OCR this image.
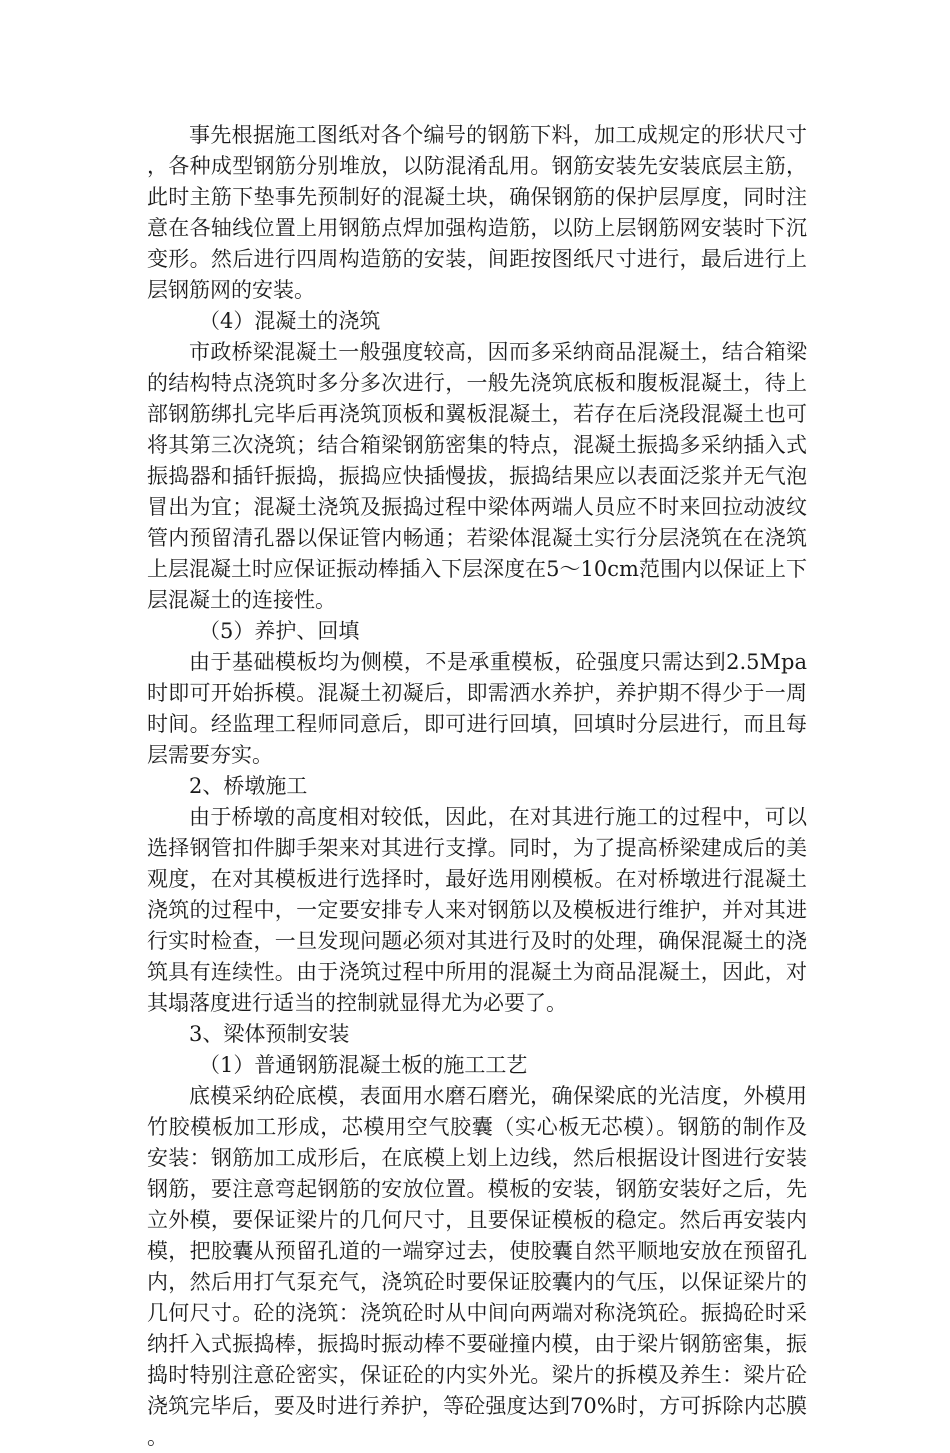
事先根据施工图纸对各个编号的钢筋下料，加工成规定的形状尺寸，各种成型钢筋分别堆放，以防混淆乱用。钢筋安装先安装底层主筋，此时主筋下垫事先预制好的混凝土块，确保钢筋的保护层厚度，同时注意在各轴线位置上用钢筋点焊加强构造筋，以防上层钢筋网安装时下沉变形。然后进行四周构造筋的安装，间距按图纸尺寸进行，最后进行上层钢筋网的安装。

（4）混凝土的浇筑

市政桥梁混凝土一般强度较高，因而多采纳商品混凝土，结合箱梁的结构特点浇筑时多分多次进行，一般先浇筑底板和腹板混凝土，待上部钢筋绑扎完毕后再浇筑顶板和翼板混凝土，若存在后浇段混凝土也可将其第三次浇筑；结合箱梁钢筋密集的特点，混凝土振捣多采纳插入式振捣器和插钎振捣，振捣应快插慢拔，振捣结果应以表面泛浆并无气泡冒出为宜；混凝土浇筑及振捣过程中梁体两端人员应不时来回拉动波纹管内预留清孔器以保证管内畅通；若梁体混凝土实行分层浇筑在在浇筑上层混凝土时应保证振动棒插入下层深度在5～10cm范围内以保证上下层混凝土的连接性。

（5）养护、回填

由于基础模板均为侧模，不是承重模板，砼强度只需达到2.5Mpa时即可开始拆模。混凝土初凝后，即需洒水养护，养护期不得少于一周时间。经监理工程师同意后，即可进行回填，回填时分层进行，而且每层需要夯实。

2、桥墩施工

由于桥墩的高度相对较低，因此，在对其进行施工的过程中，可以选择钢管扣件脚手架来对其进行支撑。同时，为了提高桥梁建成后的美观度，在对其模板进行选择时，最好选用刚模板。在对桥墩进行混凝土浇筑的过程中，一定要安排专人来对钢筋以及模板进行维护，并对其进行实时检查，一旦发现问题必须对其进行及时的处理，确保混凝土的浇筑具有连续性。由于浇筑过程中所用的混凝土为商品混凝土，因此，对其塌落度进行适当的控制就显得尤为必要了。

3、梁体预制安装

（1）普通钢筋混凝土板的施工工艺

底模采纳砼底模，表面用水磨石磨光，确保梁底的光洁度，外模用竹胶模板加工形成，芯模用空气胶囊（实心板无芯模）。钢筋的制作及安装：钢筋加工成形后，在底模上划上边线，然后根据设计图进行安装钢筋，要注意弯起钢筋的安放位置。模板的安装，钢筋安装好之后，先立外模，要保证梁片的几何尺寸，且要保证模板的稳定。然后再安装内模，把胶囊从预留孔道的一端穿过去，使胶囊自然平顺地安放在预留孔内，然后用打气泵充气，浇筑砼时要保证胶囊内的气压，以保证梁片的几何尺寸。砼的浇筑：浇筑砼时从中间向两端对称浇筑砼。振捣砼时采纳扦入式振捣棒，振捣时振动棒不要碰撞内模，由于梁片钢筋密集，振捣时特别注意砼密实，保证砼的内实外光。梁片的拆模及养生：梁片砼浇筑完毕后，要及时进行养护，等砼强度达到70%时，方可拆除内芯膜。
